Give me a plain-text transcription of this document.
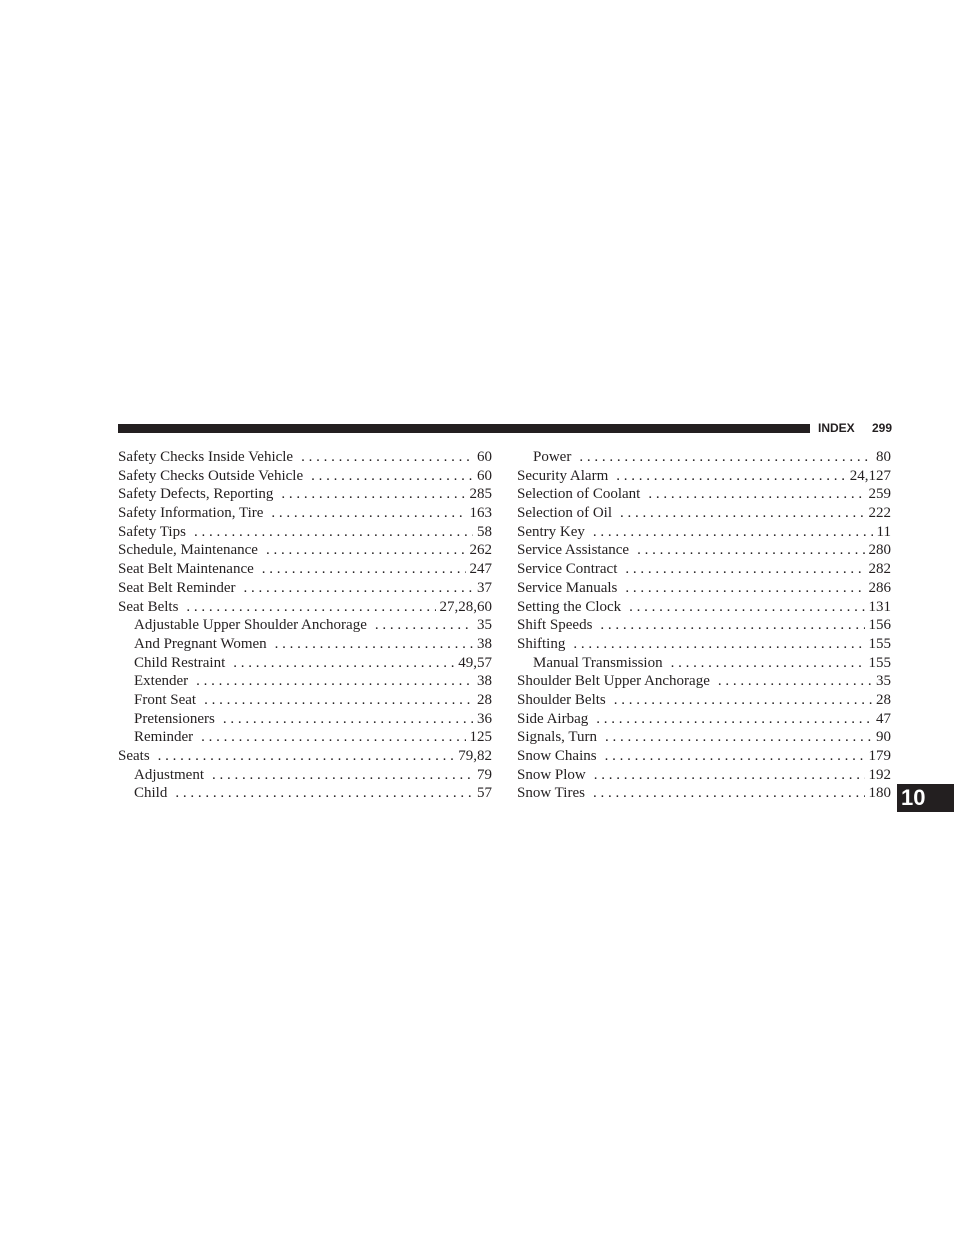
INDEX 299
Safety Checks Inside Vehicle . . .	60
Safety Checks Outside Vehicle . . .	60
Safety Defects, Reporting . . .	285
Safety Information, Tire . . .	163
Safety Tips . . .	58
Schedule, Maintenance . . .	262
Seat Belt Maintenance . . .	247
Seat Belt Reminder . . .	37
Seat Belts . . .	27,28,60
Adjustable Upper Shoulder Anchorage . . .	35
And Pregnant Women . . .	38
Child Restraint . . .	49,57
Extender . . .	38
Front Seat . . .	28
Pretensioners . . .	36
Reminder . . .	125
Seats . . .	79,82
Adjustment . . .	79
Child . . .	57
Power . . .	80
Security Alarm . . .	24,127
Selection of Coolant . . .	259
Selection of Oil . . .	222
Sentry Key . . .	11
Service Assistance . . .	280
Service Contract . . .	282
Service Manuals . . .	286
Setting the Clock . . .	131
Shift Speeds . . .	156
Shifting . . .	155
Manual Transmission . . .	155
Shoulder Belt Upper Anchorage . . .	35
Shoulder Belts . . .	28
Side Airbag . . .	47
Signals, Turn . . .	90
Snow Chains . . .	179
Snow Plow . . .	192
Snow Tires . . .	180 10
